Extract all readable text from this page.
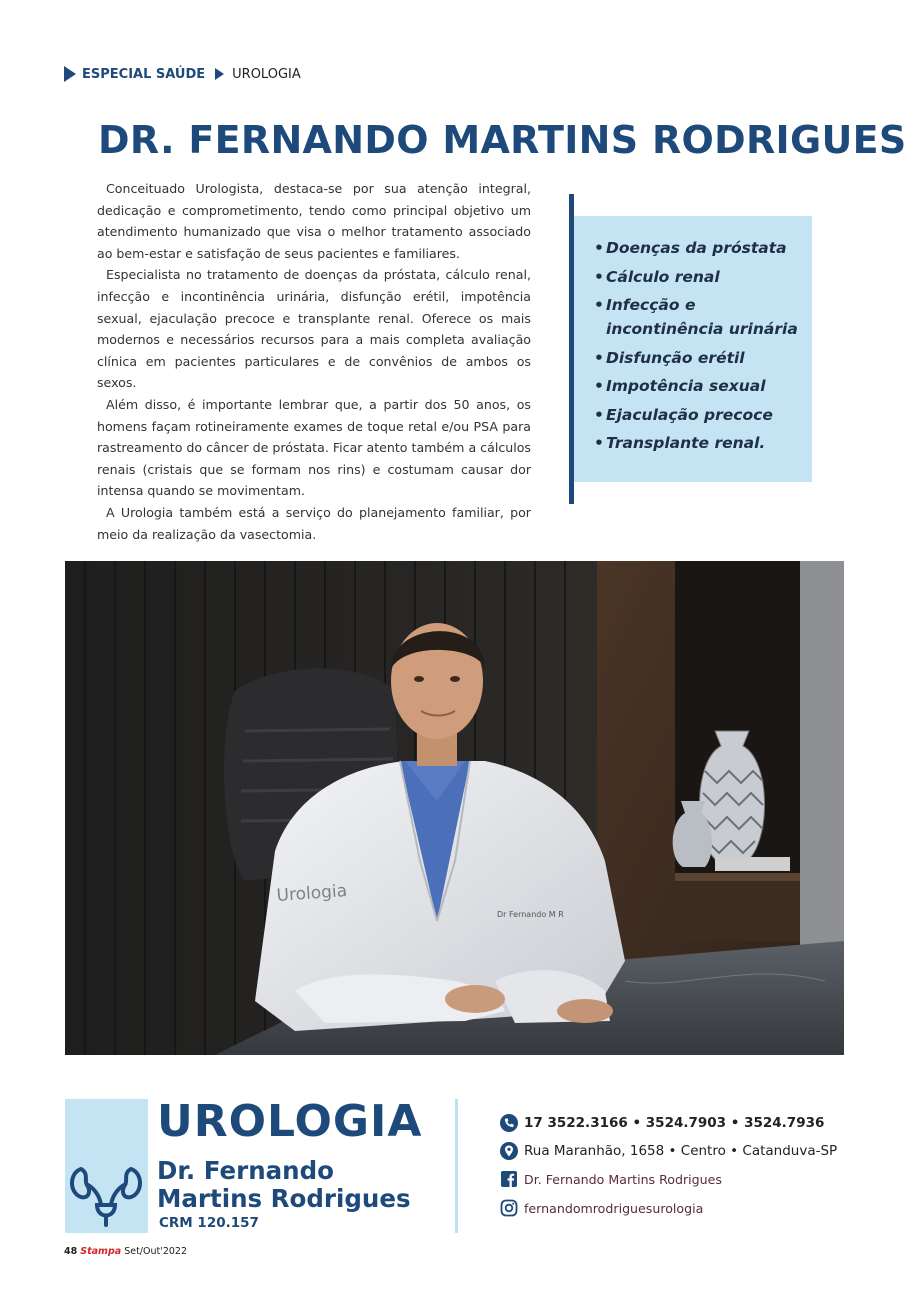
ESPECIAL SAÚDE UROLOGIA
DR. FERNANDO MARTINS RODRIGUES

Conceituado Urologista, destaca-se por sua atenção integral, dedicação e comprometimento, tendo como principal objetivo um atendimento humanizado que visa o melhor tratamento associado ao bem-estar e satisfação de seus pacientes e familiares.

Especialista no tratamento de doenças da próstata, cálculo renal, infecção e incontinência urinária, disfunção erétil, impotência sexual, ejaculação precoce e transplante renal. Oferece os mais modernos e necessários recursos para a mais completa avaliação clínica em pacientes particulares e de convênios de ambos os sexos.

Além disso, é importante lembrar que, a partir dos 50 anos, os homens façam rotineiramente exames de toque retal e/ou PSA para rastreamento do câncer de próstata. Ficar atento também a cálculos renais (cristais que se formam nos rins) e costumam causar dor intensa quando se movimentam.

A Urologia também está a serviço do planejamento familiar, por meio da realização da vasectomia.

• Doenças da próstata
• Cálculo renal
• Infecção e incontinência urinária
• Disfunção erétil
• Impotência sexual
• Ejaculação precoce
• Transplante renal.
Urologia
Dr Fernando M R
UROLOGIA
Dr. Fernando
Martins Rodrigues
CRM 120.157
17 3522.3166 • 3524.7903 • 3524.7936
Rua Maranhão, 1658 • Centro • Catanduva-SP
Dr. Fernando Martins Rodrigues
fernandomrodriguesurologia
48 Stampa Set/Out'2022
